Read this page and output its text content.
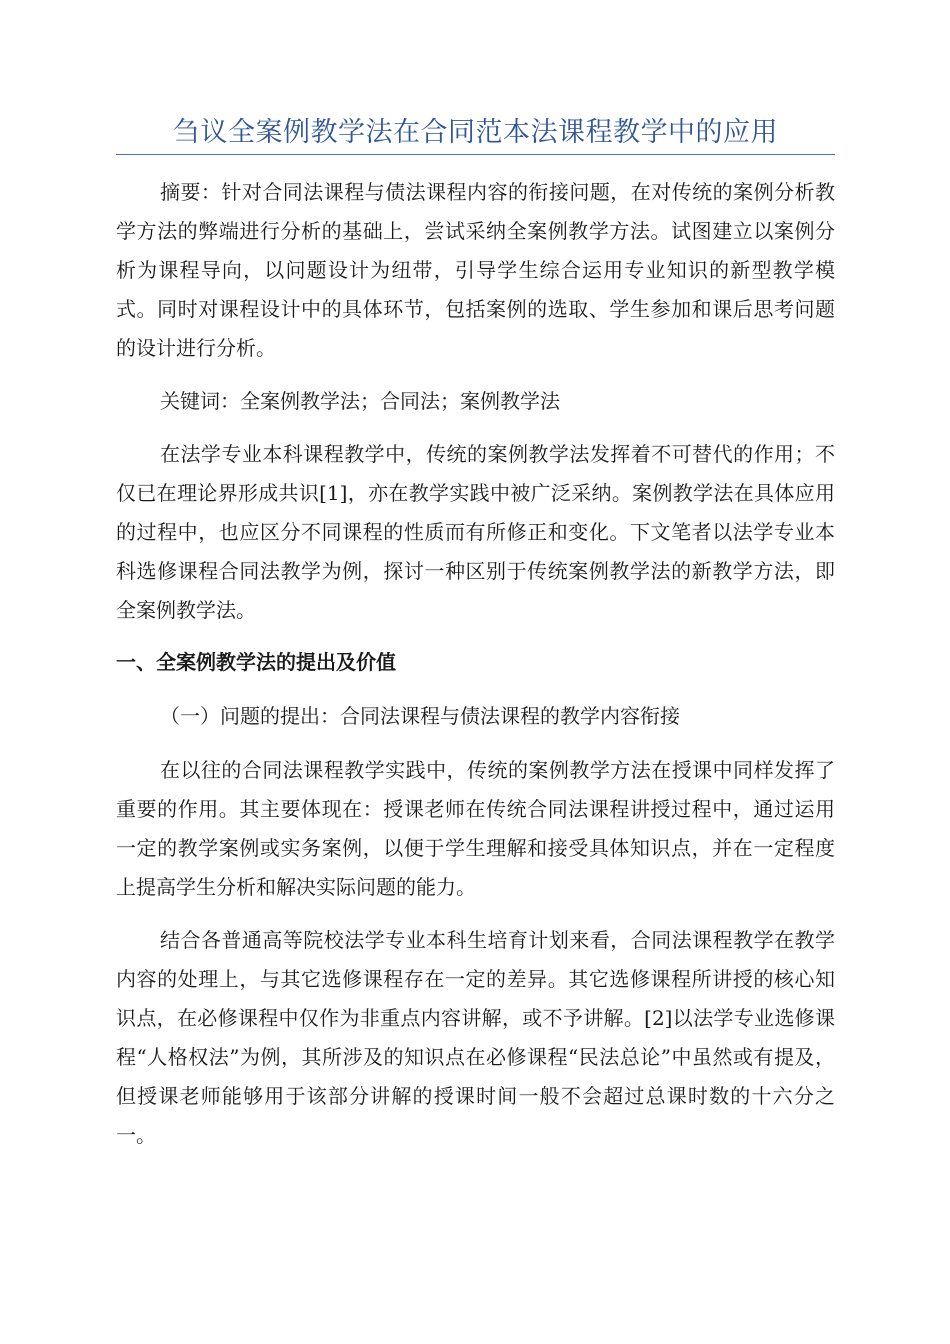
刍议全案例教学法在合同范本法课程教学中的应用

摘要：针对合同法课程与债法课程内容的衔接问题，在对传统的案例分析教学方法的弊端进行分析的基础上，尝试采纳全案例教学方法。试图建立以案例分析为课程导向，以问题设计为纽带，引导学生综合运用专业知识的新型教学模式。同时对课程设计中的具体环节，包括案例的选取、学生参加和课后思考问题的设计进行分析。

关键词：全案例教学法；合同法；案例教学法

在法学专业本科课程教学中，传统的案例教学法发挥着不可替代的作用；不仅已在理论界形成共识[1]，亦在教学实践中被广泛采纳。案例教学法在具体应用的过程中，也应区分不同课程的性质而有所修正和变化。下文笔者以法学专业本科选修课程合同法教学为例，探讨一种区别于传统案例教学法的新教学方法，即全案例教学法。

一、全案例教学法的提出及价值

（一）问题的提出：合同法课程与债法课程的教学内容衔接

在以往的合同法课程教学实践中，传统的案例教学方法在授课中同样发挥了重要的作用。其主要体现在：授课老师在传统合同法课程讲授过程中，通过运用一定的教学案例或实务案例，以便于学生理解和接受具体知识点，并在一定程度上提高学生分析和解决实际问题的能力。

结合各普通高等院校法学专业本科生培育计划来看，合同法课程教学在教学内容的处理上，与其它选修课程存在一定的差异。其它选修课程所讲授的核心知识点，在必修课程中仅作为非重点内容讲解，或不予讲解。[2]以法学专业选修课程“人格权法”为例，其所涉及的知识点在必修课程“民法总论”中虽然或有提及，但授课老师能够用于该部分讲解的授课时间一般不会超过总课时数的十六分之一。
